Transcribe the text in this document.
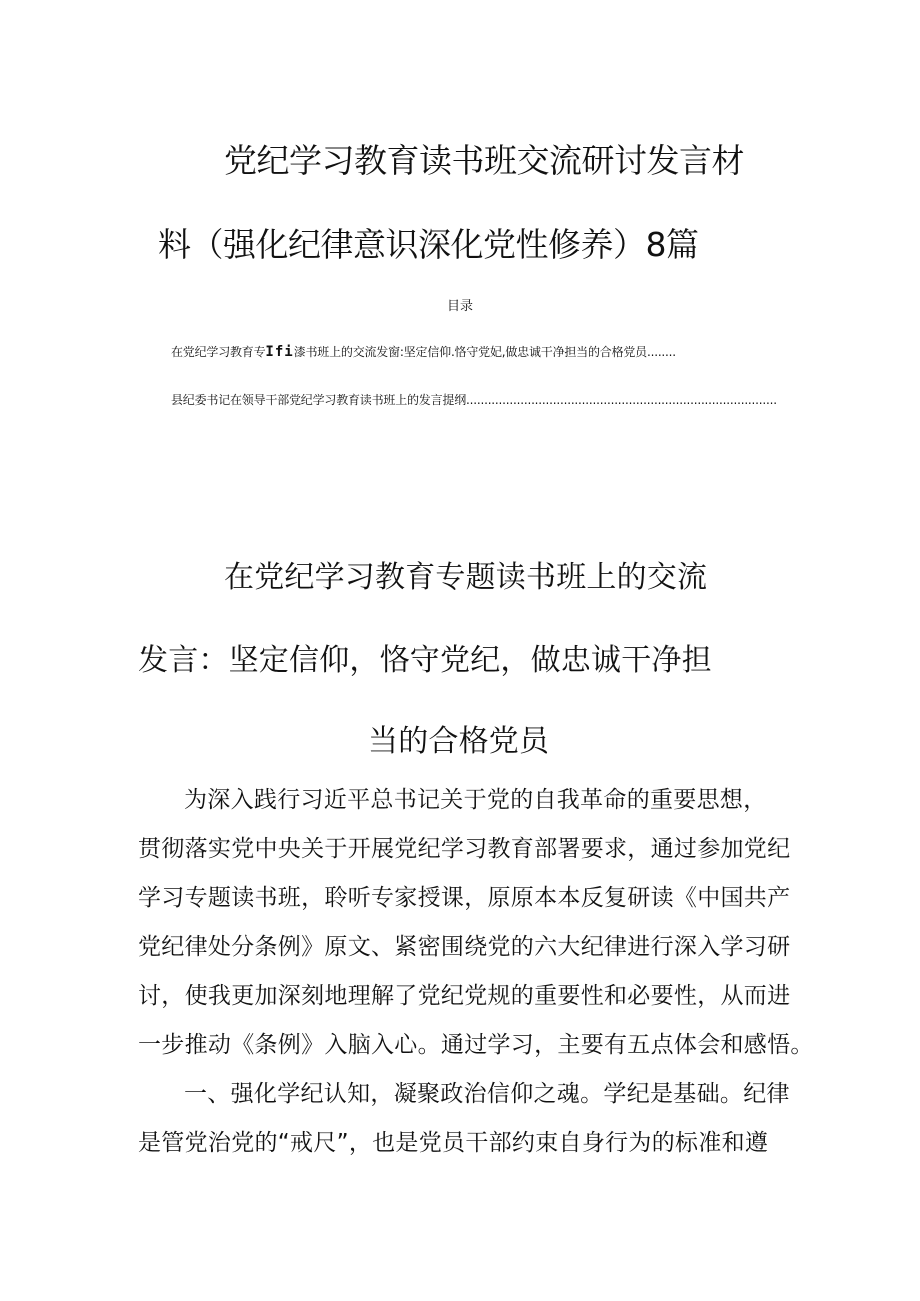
党纪学习教育读书班交流研讨发言材
料（强化纪律意识深化党性修养）8篇
目录
在党纪学习教育专Ifi漆书班上的交流发窗:坚定信仰.恪守党妃,做忠诚干净担当的合格党员........
县纪委书记在领导干部党纪学习教育读书班上的发言提纲......................................................................................
在党纪学习教育专题读书班上的交流
发言：坚定信仰，恪守党纪，做忠诚干净担
当的合格党员

为深入践行习近平总书记关于党的自我革命的重要思想，

贯彻落实党中央关于开展党纪学习教育部署要求，通过参加党纪

学习专题读书班，聆听专家授课，原原本本反复研读《中国共产

党纪律处分条例》原文、紧密围绕党的六大纪律进行深入学习研

讨，使我更加深刻地理解了党纪党规的重要性和必要性，从而进

一步推动《条例》入脑入心。通过学习，主要有五点体会和感悟。

一、强化学纪认知，凝聚政治信仰之魂。学纪是基础。纪律

是管党治党的“戒尺”，也是党员干部约束自身行为的标准和遵
